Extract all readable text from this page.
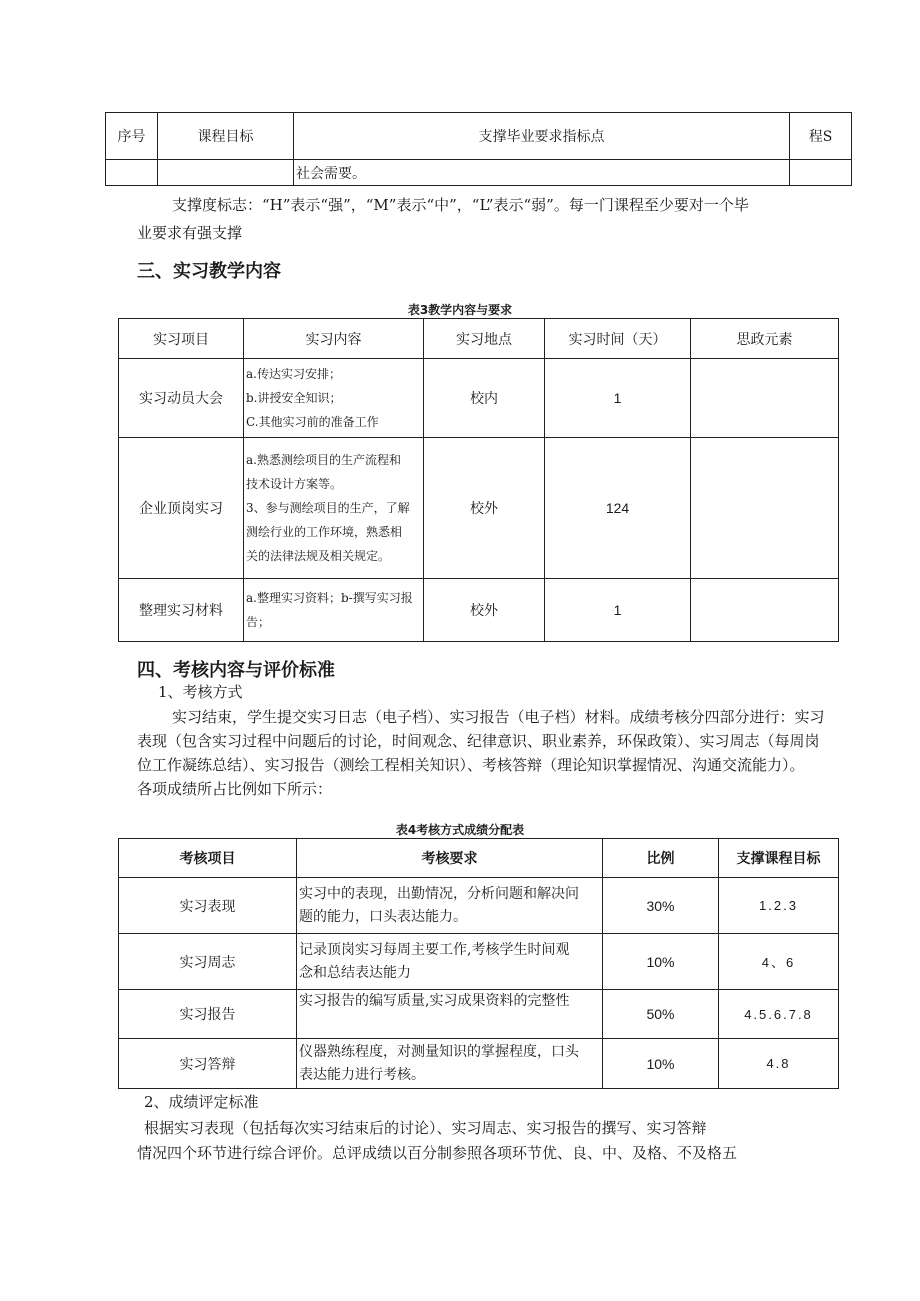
序号	课程目标	支撑毕业要求指标点	程S
		社会需要。	
支撑度标志：“H”表示“强”，“M”表示“中”，“L”表示“弱”。每一门课程至少要对一个毕
业要求有强支撑
三、实习教学内容
表3教学内容与要求
实习项目	实习内容	实习地点	实习时间（天）	思政元素
实习动员大会	a.传达实习安排；
b.讲授安全知识；
C.其他实习前的准备工作	校内	1	
企业顶岗实习	a.熟悉测绘项目的生产流程和
技术设计方案等。
3、参与测绘项目的生产，了解
测绘行业的工作环境，熟悉相
关的法律法规及相关规定。	校外	124	
整理实习材料	a.整理实习资料；b-撰写实习报
告；	校外	1	
四、考核内容与评价标准
1、考核方式
实习结束，学生提交实习日志（电子档）、实习报告（电子档）材料。成绩考核分四部分进行：实习
表现（包含实习过程中问题后的讨论，时间观念、纪律意识、职业素养，环保政策）、实习周志（每周岗
位工作凝练总结）、实习报告（测绘工程相关知识）、考核答辩（理论知识掌握情况、沟通交流能力）。
各项成绩所占比例如下所示：
表4考核方式成绩分配表
考核项目	考核要求	比例	支撑课程目标
实习表现	实习中的表现，出勤情况，分析问题和解决问
题的能力，口头表达能力。	30%	1.2.3
实习周志	记录顶岗实习每周主要工作,考核学生时间观
念和总结表达能力	10%	4、6
实习报告	实习报告的编写质量,实习成果资料的完整性	50%	4.5.6.7.8
实习答辩	仪器熟练程度，对测量知识的掌握程度，口头
表达能力进行考核。	10%	4.8
2、成绩评定标准
根据实习表现（包括每次实习结束后的讨论）、实习周志、实习报告的撰写、实习答辩
情况四个环节进行综合评价。总评成绩以百分制参照各项环节优、良、中、及格、不及格五
